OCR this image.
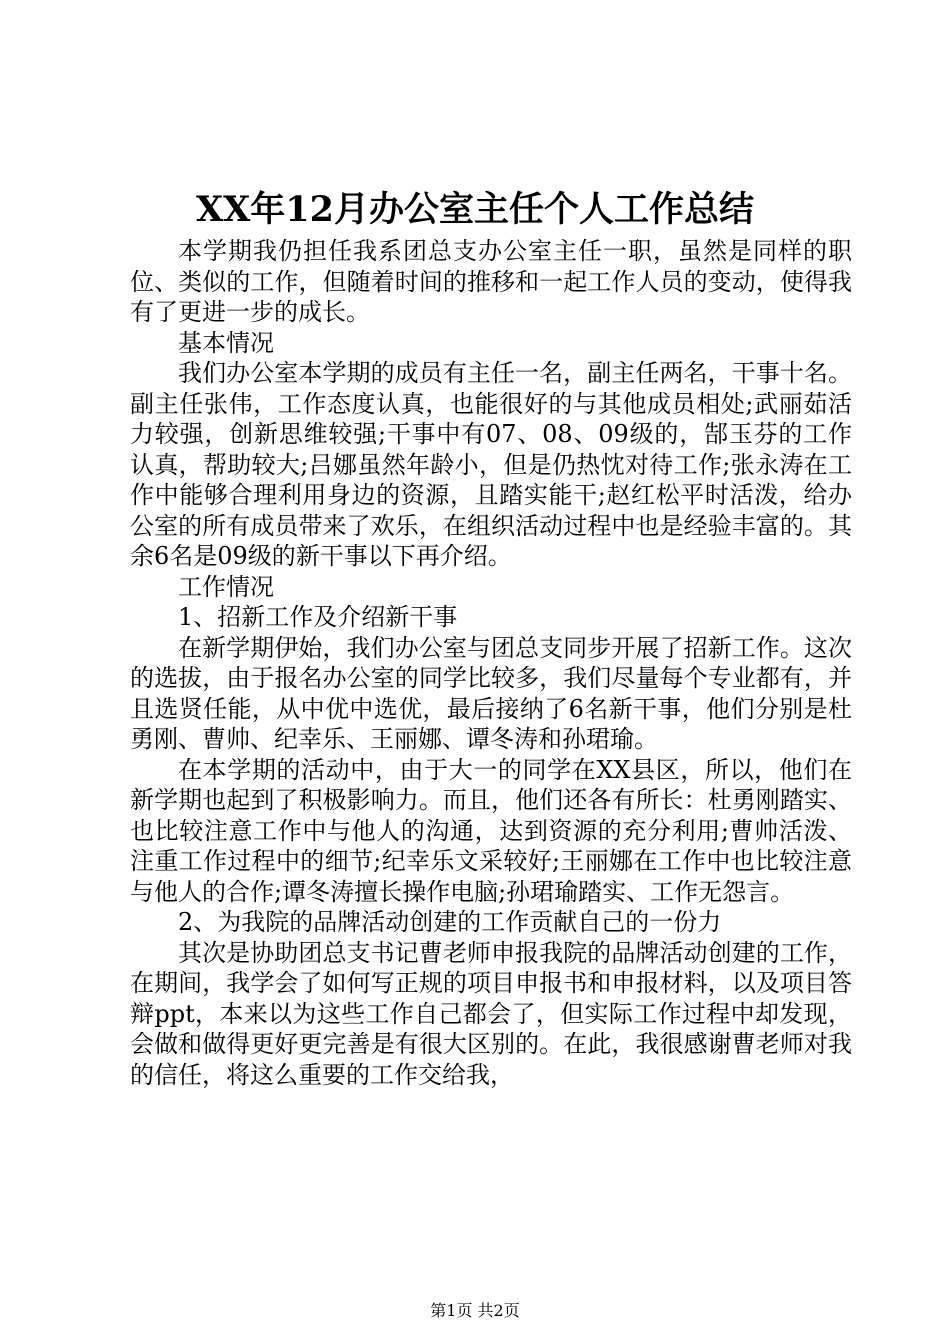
XX年12月办公室主任个人工作总结

本学期我仍担任我系团总支办公室主任一职，虽然是同样的职位、类似的工作，但随着时间的推移和一起工作人员的变动，使得我有了更进一步的成长。

基本情况

我们办公室本学期的成员有主任一名，副主任两名，干事十名。副主任张伟，工作态度认真，也能很好的与其他成员相处;武丽茹活力较强，创新思维较强;干事中有07、08、09级的，郜玉芬的工作认真，帮助较大;吕娜虽然年龄小，但是仍热忱对待工作;张永涛在工作中能够合理利用身边的资源，且踏实能干;赵红松平时活泼，给办公室的所有成员带来了欢乐，在组织活动过程中也是经验丰富的。其余6名是09级的新干事以下再介绍。

工作情况

1、招新工作及介绍新干事

在新学期伊始，我们办公室与团总支同步开展了招新工作。这次的选拔，由于报名办公室的同学比较多，我们尽量每个专业都有，并且选贤任能，从中优中选优，最后接纳了6名新干事，他们分别是杜勇刚、曹帅、纪幸乐、王丽娜、谭冬涛和孙珺瑜。

在本学期的活动中，由于大一的同学在XX县区，所以，他们在新学期也起到了积极影响力。而且，他们还各有所长：杜勇刚踏实、也比较注意工作中与他人的沟通，达到资源的充分利用;曹帅活泼、注重工作过程中的细节;纪幸乐文采较好;王丽娜在工作中也比较注意与他人的合作;谭冬涛擅长操作电脑;孙珺瑜踏实、工作无怨言。

2、为我院的品牌活动创建的工作贡献自己的一份力

其次是协助团总支书记曹老师申报我院的品牌活动创建的工作，在期间，我学会了如何写正规的项目申报书和申报材料，以及项目答辩ppt，本来以为这些工作自己都会了，但实际工作过程中却发现，会做和做得更好更完善是有很大区别的。在此，我很感谢曹老师对我的信任，将这么重要的工作交给我，

第1页 共2页
